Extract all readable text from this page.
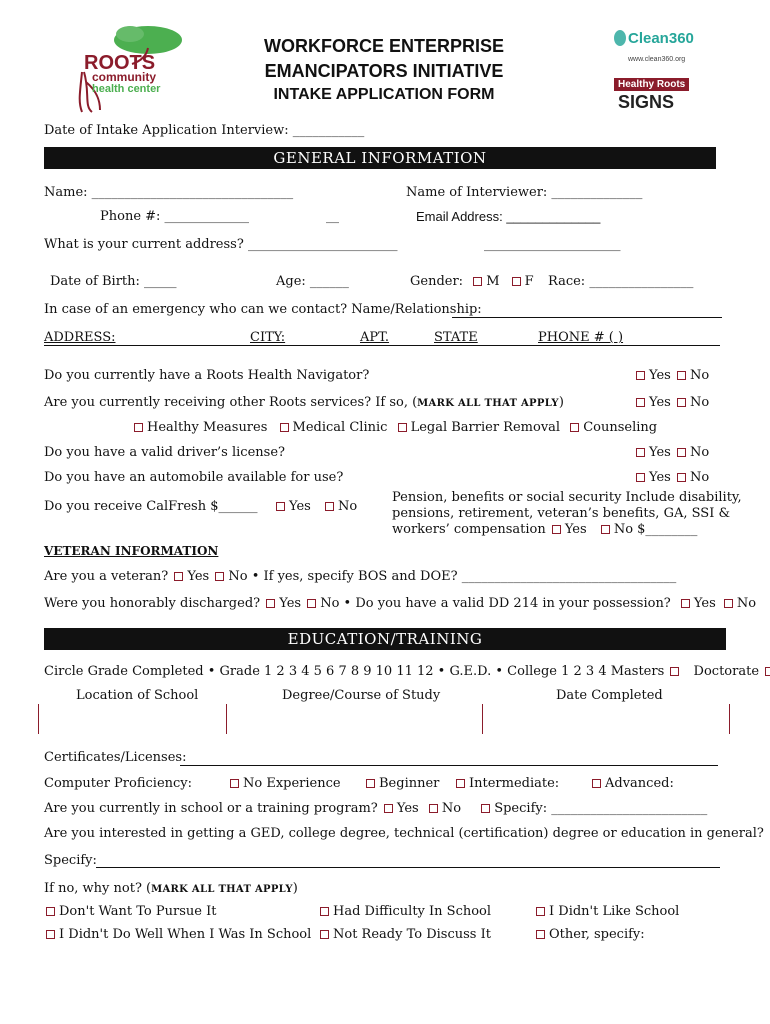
ROOTS
community
health center
Clean360
www.clean360.org
Healthy Roots
SIGNS
WORKFORCE ENTERPRISE
EMANCIPATORS INITIATIVE
INTAKE APPLICATION FORM
Date of Intake Application Interview: ___________
GENERAL INFORMATION
Name: _______________________________	Name of Interviewer: ______________
Phone #: _____________	__	Email Address: _____________
What is your current address? _______________________	_____________________
Date of Birth: _____	Age: ______	Gender: M F Race: ________________
In case of an emergency who can we contact? Name/Relationship:
ADDRESS:	CITY:	APT.	STATE	PHONE # ( )
Do you currently have a Roots Health Navigator?	Yes No
Are you currently receiving other Roots services? If so, (MARK ALL THAT APPLY)	Yes No
Healthy Measures Medical Clinic Legal Barrier Removal Counseling
Do you have a valid driver’s license?	Yes No
Do you have an automobile available for use?	Yes No
Do you receive CalFresh $______	Yes No
Pension, benefits or social security Include disability,
pensions, retirement, veteran’s benefits, GA, SSI &
workers’ compensation Yes No $________
VETERAN INFORMATION
Are you a veteran? Yes No • If yes, specify BOS and DOE? _________________________________
Were you honorably discharged? Yes No • Do you have a valid DD 214 in your possession? Yes No
EDUCATION/TRAINING
Circle Grade Completed • Grade 1 2 3 4 5 6 7 8 9 10 11 12 • G.E.D. • College 1 2 3 4 Masters Doctorate
Location of School	Degree/Course of Study	Date Completed
Certificates/Licenses:
Computer Proficiency:	No Experience	Beginner	Intermediate:	Advanced:
Are you currently in school or a training program? Yes No	Specify: ________________________
Are you interested in getting a GED, college degree, technical (certification) degree or education in general?
Specify:
If no, why not? (MARK ALL THAT APPLY)
Don't Want To Pursue It	Had Difficulty In School	I Didn't Like School
I Didn't Do Well When I Was In School	Not Ready To Discuss It	Other, specify:
